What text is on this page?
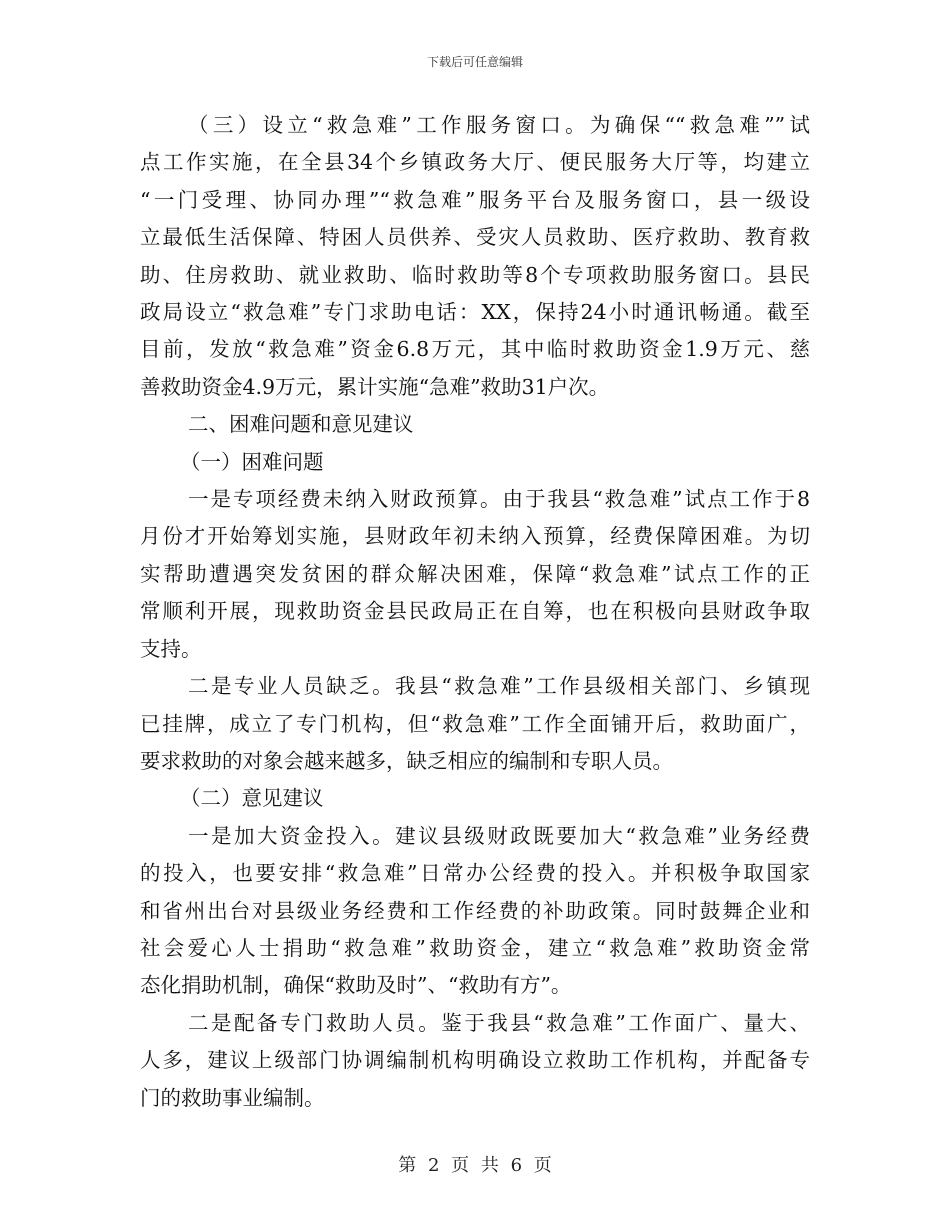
下载后可任意编辑
（三）设立“救急难”工作服务窗口。为确保““救急难””试
点工作实施，在全县34个乡镇政务大厅、便民服务大厅等，均建立
“一门受理、协同办理”“救急难”服务平台及服务窗口，县一级设
立最低生活保障、特困人员供养、受灾人员救助、医疗救助、教育救
助、住房救助、就业救助、临时救助等8个专项救助服务窗口。县民
政局设立“救急难”专门求助电话：XX，保持24小时通讯畅通。截至
目前，发放“救急难”资金6.8万元，其中临时救助资金1.9万元、慈
善救助资金4.9万元，累计实施“急难”救助31户次。
二、困难问题和意见建议
（一）困难问题
一是专项经费未纳入财政预算。由于我县“救急难”试点工作于8
月份才开始筹划实施，县财政年初未纳入预算，经费保障困难。为切
实帮助遭遇突发贫困的群众解决困难，保障“救急难”试点工作的正
常顺利开展，现救助资金县民政局正在自筹，也在积极向县财政争取
支持。
二是专业人员缺乏。我县“救急难”工作县级相关部门、乡镇现
已挂牌，成立了专门机构，但“救急难”工作全面铺开后，救助面广，
要求救助的对象会越来越多，缺乏相应的编制和专职人员。
（二）意见建议
一是加大资金投入。建议县级财政既要加大“救急难”业务经费
的投入，也要安排“救急难”日常办公经费的投入。并积极争取国家
和省州出台对县级业务经费和工作经费的补助政策。同时鼓舞企业和
社会爱心人士捐助“救急难”救助资金，建立“救急难”救助资金常
态化捐助机制，确保“救助及时”、“救助有方”。
二是配备专门救助人员。鉴于我县“救急难”工作面广、量大、
人多，建议上级部门协调编制机构明确设立救助工作机构，并配备专
门的救助事业编制。
第 2 页 共 6 页
